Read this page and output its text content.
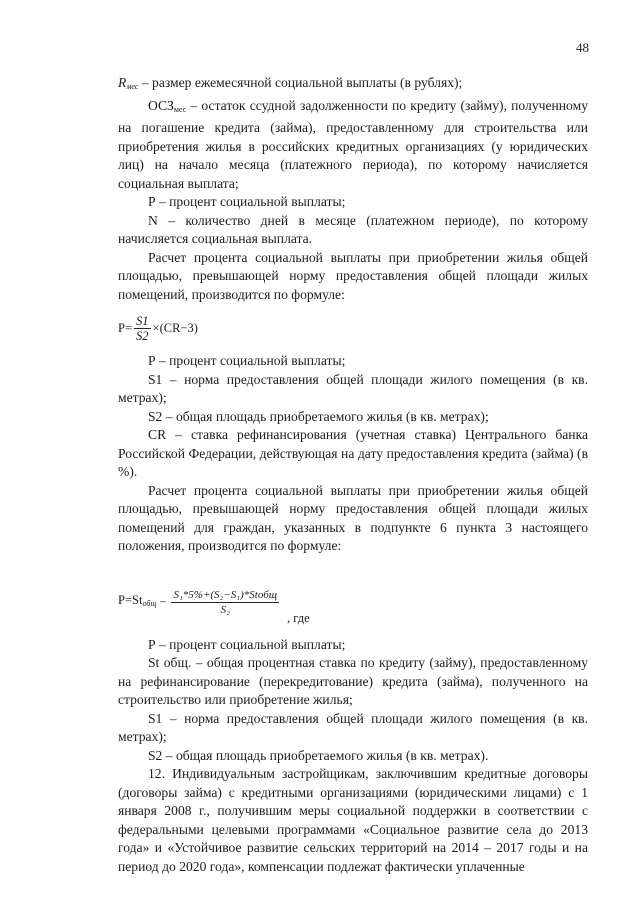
48

$R_{мес}$ – размер ежемесячной социальной выплаты (в рублях);

$ОСЗ_{мес}$ – остаток ссудной задолженности по кредиту (займу), полученному на погашение кредита (займа), предоставленному для строительства или приобретения жилья в российских кредитных организациях (у юридических лиц) на начало месяца (платежного периода), по которому начисляется социальная выплата;

Р – процент социальной выплаты;

N – количество дней в месяце (платежном периоде), по которому начисляется социальная выплата.

Расчет процента социальной выплаты при приобретении жилья общей площадью, превышающей норму предоставления общей площади жилых помещений, производится по формуле:

$P= \frac{S1}{S2} \times(CR-3)$

Р – процент социальной выплаты;

S1 – норма предоставления общей площади жилого помещения (в кв. метрах);

S2 – общая площадь приобретаемого жилья (в кв. метрах);

CR – ставка рефинансирования (учетная ставка) Центрального банка Российской Федерации, действующая на дату предоставления кредита (займа) (в %).

Расчет процента социальной выплаты при приобретении жилья общей площадью, превышающей норму предоставления общей площади жилых помещений для граждан, указанных в подпункте 6 пункта 3 настоящего положения, производится по формуле:

$P=St_{общ} - \frac{\text{S₁*5\%+(S₂−S₁)*Stобщ}}{\text{S₂}}$
, где

Р – процент социальной выплаты;

St общ. – общая процентная ставка по кредиту (займу), предоставленному на рефинансирование (перекредитование) кредита (займа), полученного на строительство или приобретение жилья;

S1 – норма предоставления общей площади жилого помещения (в кв. метрах);

S2 – общая площадь приобретаемого жилья (в кв. метрах).

12. Индивидуальным застройщикам, заключившим кредитные договоры (договоры займа) с кредитными организациями (юридическими лицами) с 1 января 2008 г., получившим меры социальной поддержки в соответствии с федеральными целевыми программами «Социальное развитие села до 2013 года» и «Устойчивое развитие сельских территорий на 2014 – 2017 годы и на период до 2020 года», компенсации подлежат фактически уплаченные
